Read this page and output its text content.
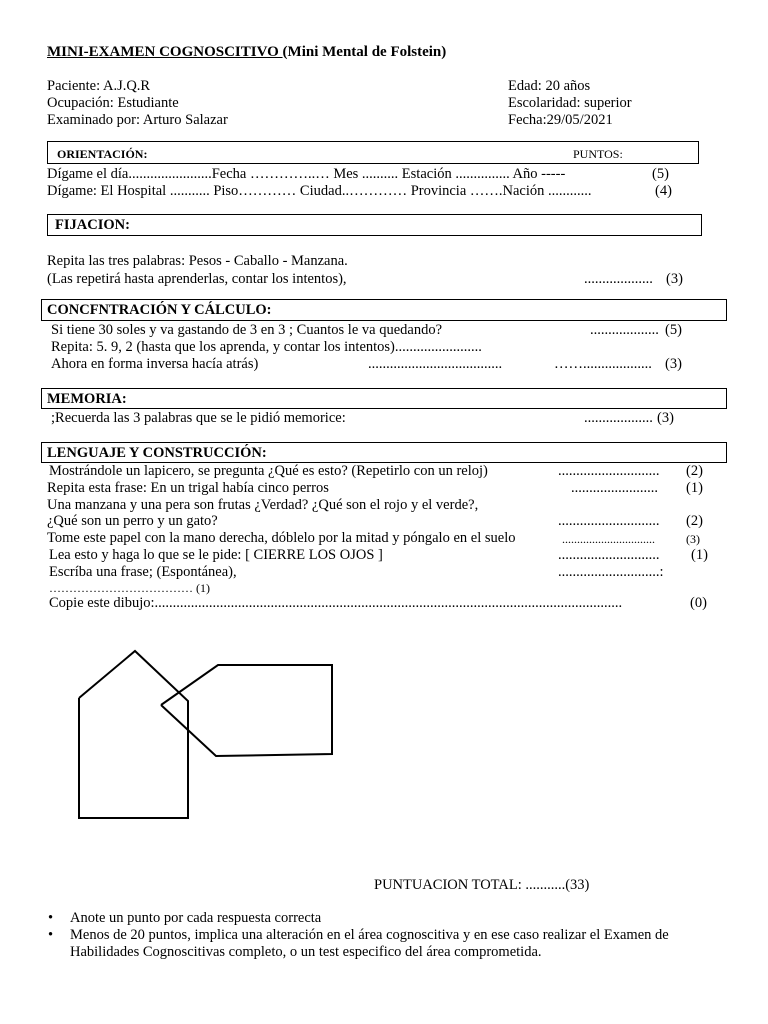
MINI-EXAMEN COGNOSCITIVO (Mini Mental de Folstein)
Paciente: A.J.Q.R
Ocupación: Estudiante
Examinado por: Arturo Salazar
Edad: 20 años
Escolaridad: superior
Fecha:29/05/2021
ORIENTACIÓN:	PUNTOS:
Dígame el día.......................Fecha …………..… Mes .......... Estación ............... Año -----	(5)
Dígame: El Hospital ........... Piso………… Ciudad..………… Provincia …….Nación ............	(4)
FIJACION:
Repita las tres palabras: Pesos - Caballo - Manzana.
(Las repetirá hasta aprenderlas, contar los intentos),	................... (3)
CONCFNTRACIÓN Y CÁLCULO:
Si tiene 30 soles y va gastando de 3 en 3 ; Cuantos le va quedando?	................... (5)
Repita: 5. 9, 2 (hasta que los aprenda, y contar los intentos)........................
Ahora en forma inversa hacía atrás)	.....................................	……................... (3)
MEMORIA:
;Recuerda las 3 palabras que se le pidió memorice:	................... (3)
LENGUAJE Y CONSTRUCCIÓN:
Mostrándole un lapicero, se pregunta ¿Qué es esto? (Repetirlo con un reloj)	............................ (2)
Repita esta frase: En un trigal había cinco perros	........................ (1)
Una manzana y una pera son frutas ¿Verdad? ¿Qué son el rojo y el verde?,
¿Qué son un perro y un gato?	............................ (2)
Tome este papel con la mano derecha, dóblelo por la mitad y póngalo en el suelo	...............................	(3)
Lea esto y haga lo que se le pide: [ CIERRE LOS OJOS ]	............................ (1)
Escríba una frase; (Espontánea),	............................:
……………………………… (1)
Copie este dibujo:.................................................................................................................................	(0)
PUNTUACION TOTAL: ...........(33)
• Anote un punto por cada respuesta correcta
• Menos de 20 puntos, implica una alteración en el área cognoscitiva y en ese caso realizar el Examen de Habilidades Cognoscitivas completo, o un test especifico del área comprometida.
